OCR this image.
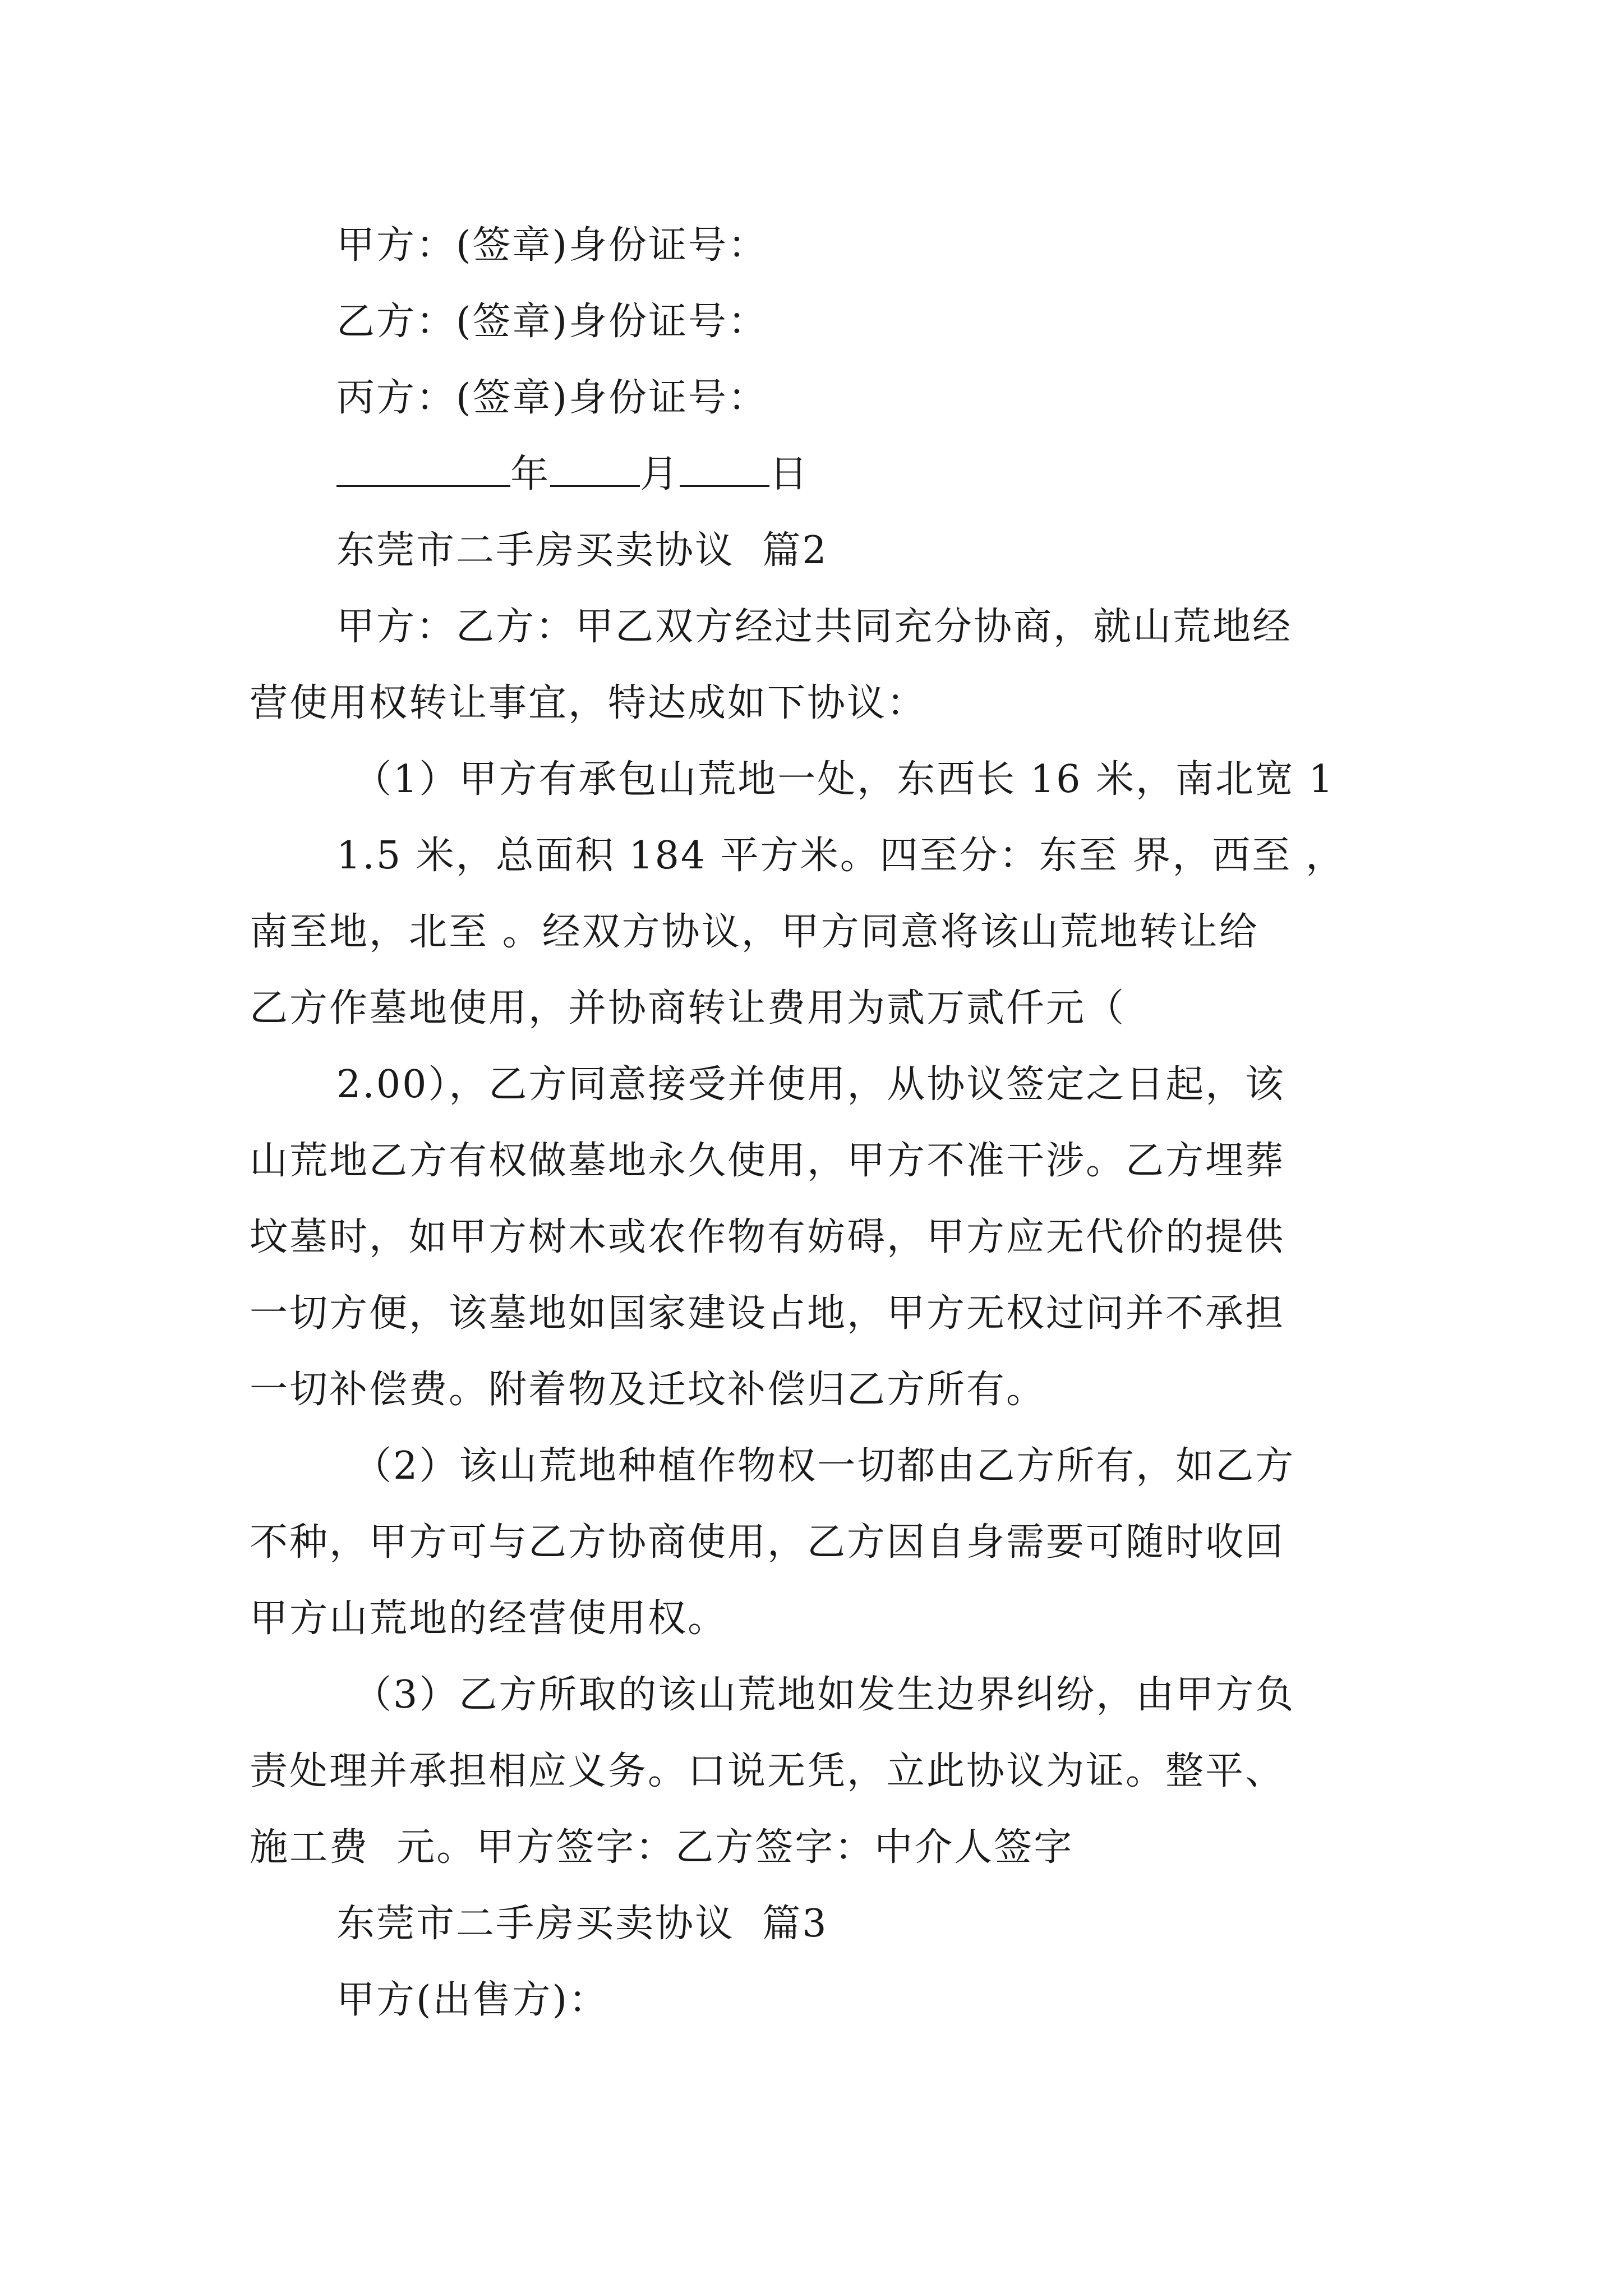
甲方：(签章)身份证号：
乙方：(签章)身份证号：
丙方：(签章)身份证号：
年 月 日
东莞市二手房买卖协议  篇2
甲方：乙方：甲乙双方经过共同充分协商，就山荒地经
营使用权转让事宜，特达成如下协议：
（1）甲方有承包山荒地一处，东西长 16 米，南北宽 1
1.5 米，总面积 184 平方米。四至分：东至 界，西至 ，
南至地，北至 。经双方协议，甲方同意将该山荒地转让给
乙方作墓地使用，并协商转让费用为贰万贰仟元（
2.00），乙方同意接受并使用，从协议签定之日起，该
山荒地乙方有权做墓地永久使用，甲方不准干涉。乙方埋葬
坟墓时，如甲方树木或农作物有妨碍，甲方应无代价的提供
一切方便，该墓地如国家建设占地，甲方无权过问并不承担
一切补偿费。附着物及迁坟补偿归乙方所有。
（2）该山荒地种植作物权一切都由乙方所有，如乙方
不种，甲方可与乙方协商使用，乙方因自身需要可随时收回
甲方山荒地的经营使用权。
（3）乙方所取的该山荒地如发生边界纠纷，由甲方负
责处理并承担相应义务。口说无凭，立此协议为证。整平、
施工费  元。甲方签字：乙方签字：中介人签字
东莞市二手房买卖协议  篇3
甲方(出售方)：
